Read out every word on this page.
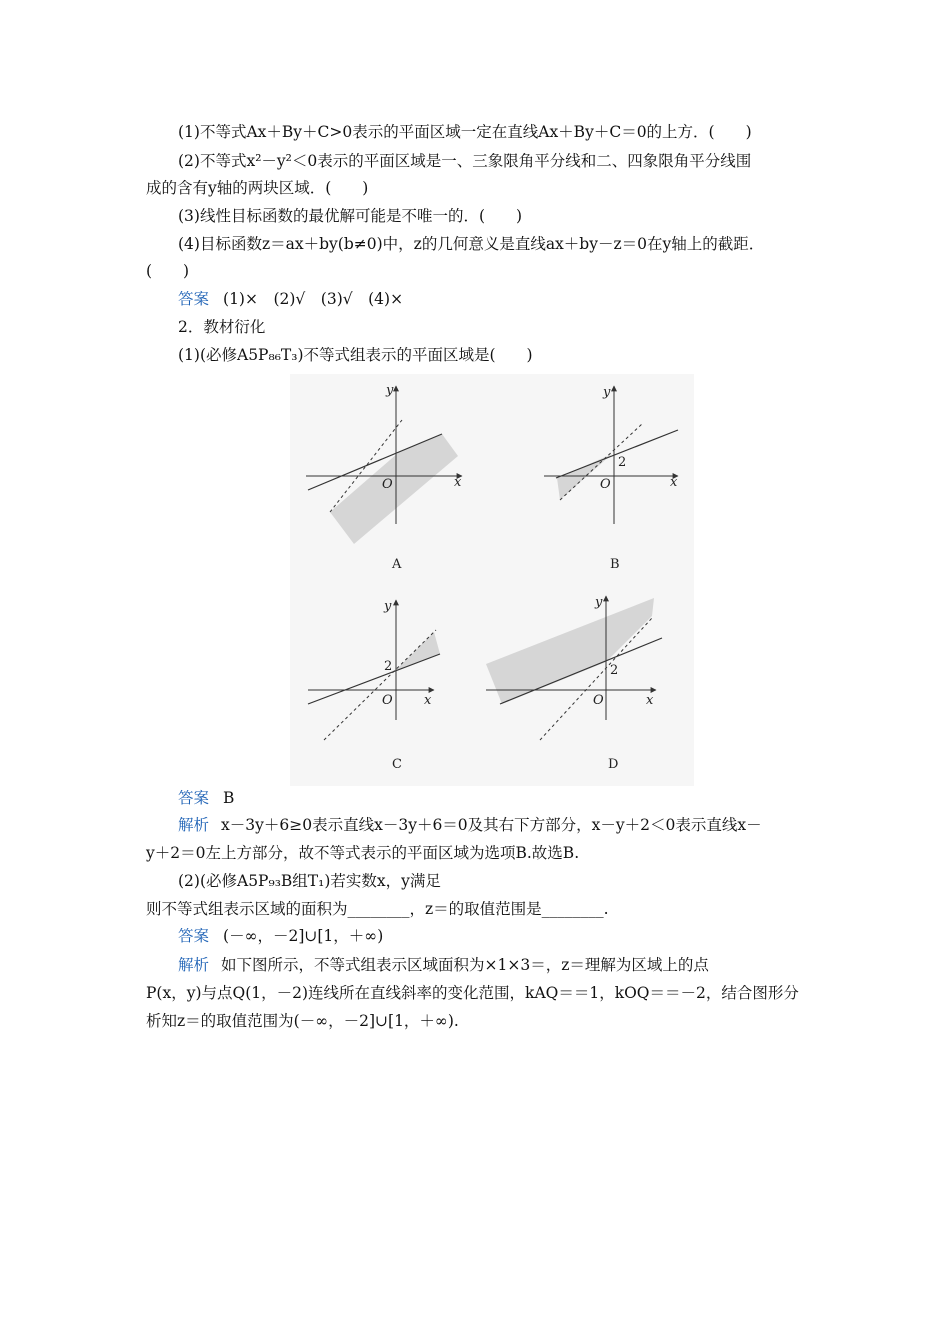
(1)不等式Ax＋By＋C>0表示的平面区域一定在直线Ax＋By＋C＝0的上方．(　　)
(2)不等式x²－y²＜0表示的平面区域是一、三象限角平分线和二、四象限角平分线围
成的含有y轴的两块区域．(　　)
(3)线性目标函数的最优解可能是不唯一的．(　　)
(4)目标函数z＝ax＋by(b≠0)中，z的几何意义是直线ax＋by－z＝0在y轴上的截距．
(　　)
答案 (1)×　(2)√　(3)√　(4)×
2．教材衍化
(1)(必修A5P₈₆T₃)不等式组表示的平面区域是(　　)
y
x
O
A
y
x
O
2
B
y
x
O
2
C
y
x
O
2
D
答案 B
解析 x－3y＋6≥0表示直线x－3y＋6＝0及其右下方部分，x－y＋2＜0表示直线x－
y＋2＝0左上方部分，故不等式表示的平面区域为选项B.故选B.
(2)(必修A5P₉₃B组T₁)若实数x，y满足
则不等式组表示区域的面积为________，z＝的取值范围是________.
答案 (－∞，－2]∪[1，＋∞)
解析 如下图所示，不等式组表示区域面积为×1×3＝，z＝理解为区域上的点
P(x，y)与点Q(1，－2)连线所在直线斜率的变化范围，kAQ＝＝1，kOQ＝＝－2，结合图形分
析知z＝的取值范围为(－∞，－2]∪[1，＋∞).
